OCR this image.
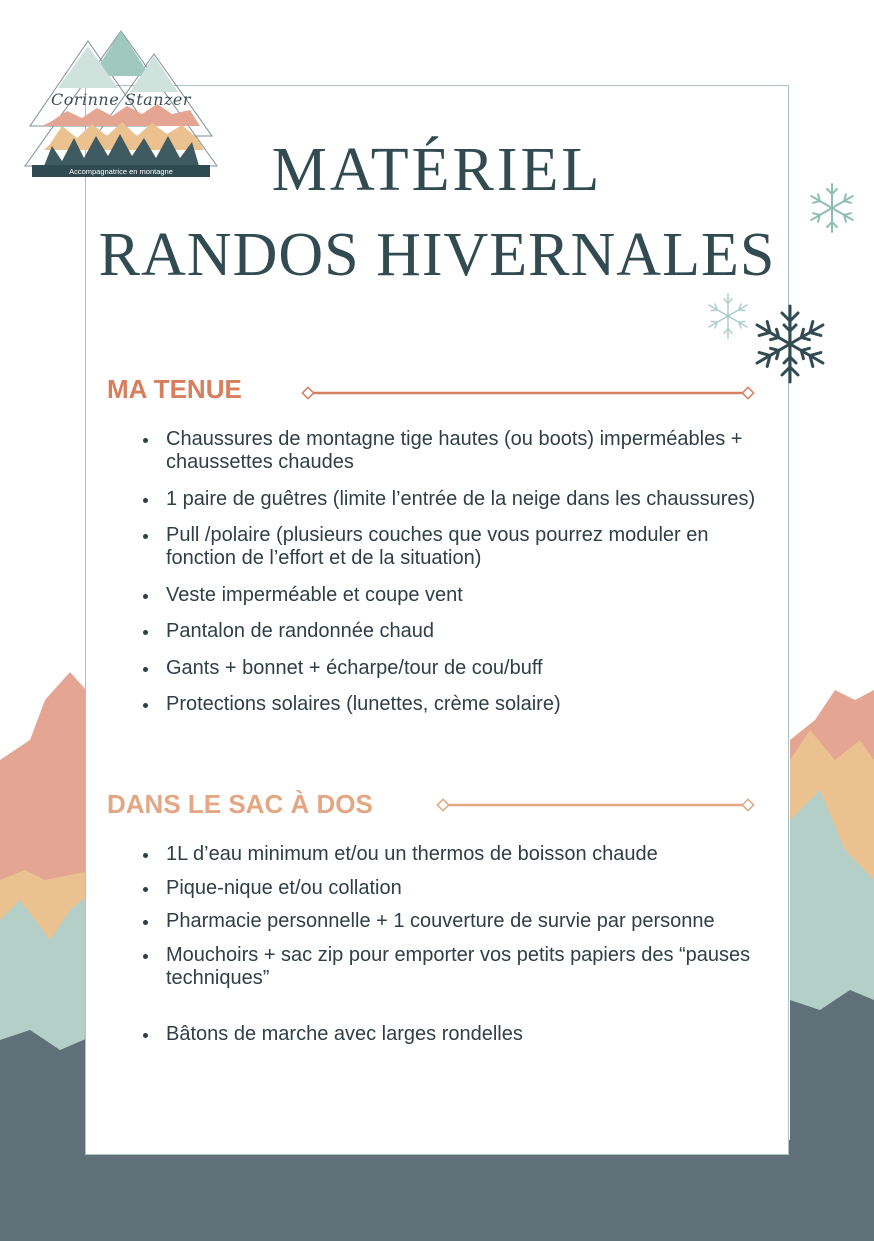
Corinne Stanzer
Accompagnatrice en montagne	MATÉRIEL
RANDOS HIVERNALES
MA TENUE
Chaussures de montagne tige hautes (ou boots) imperméables + chaussettes chaudes
1 paire de guêtres (limite l’entrée de la neige dans les chaussures)
Pull /polaire (plusieurs couches que vous pourrez moduler en fonction de l’effort et de la situation)
Veste imperméable et coupe vent
Pantalon de randonnée chaud
Gants + bonnet + écharpe/tour de cou/buff
Protections solaires (lunettes, crème solaire)
DANS LE SAC À DOS
1L d’eau minimum et/ou un thermos de boisson chaude
Pique-nique et/ou collation
Pharmacie personnelle + 1 couverture de survie par personne
Mouchoirs + sac zip pour emporter vos petits papiers des “pauses techniques”
Bâtons de marche avec larges rondelles
